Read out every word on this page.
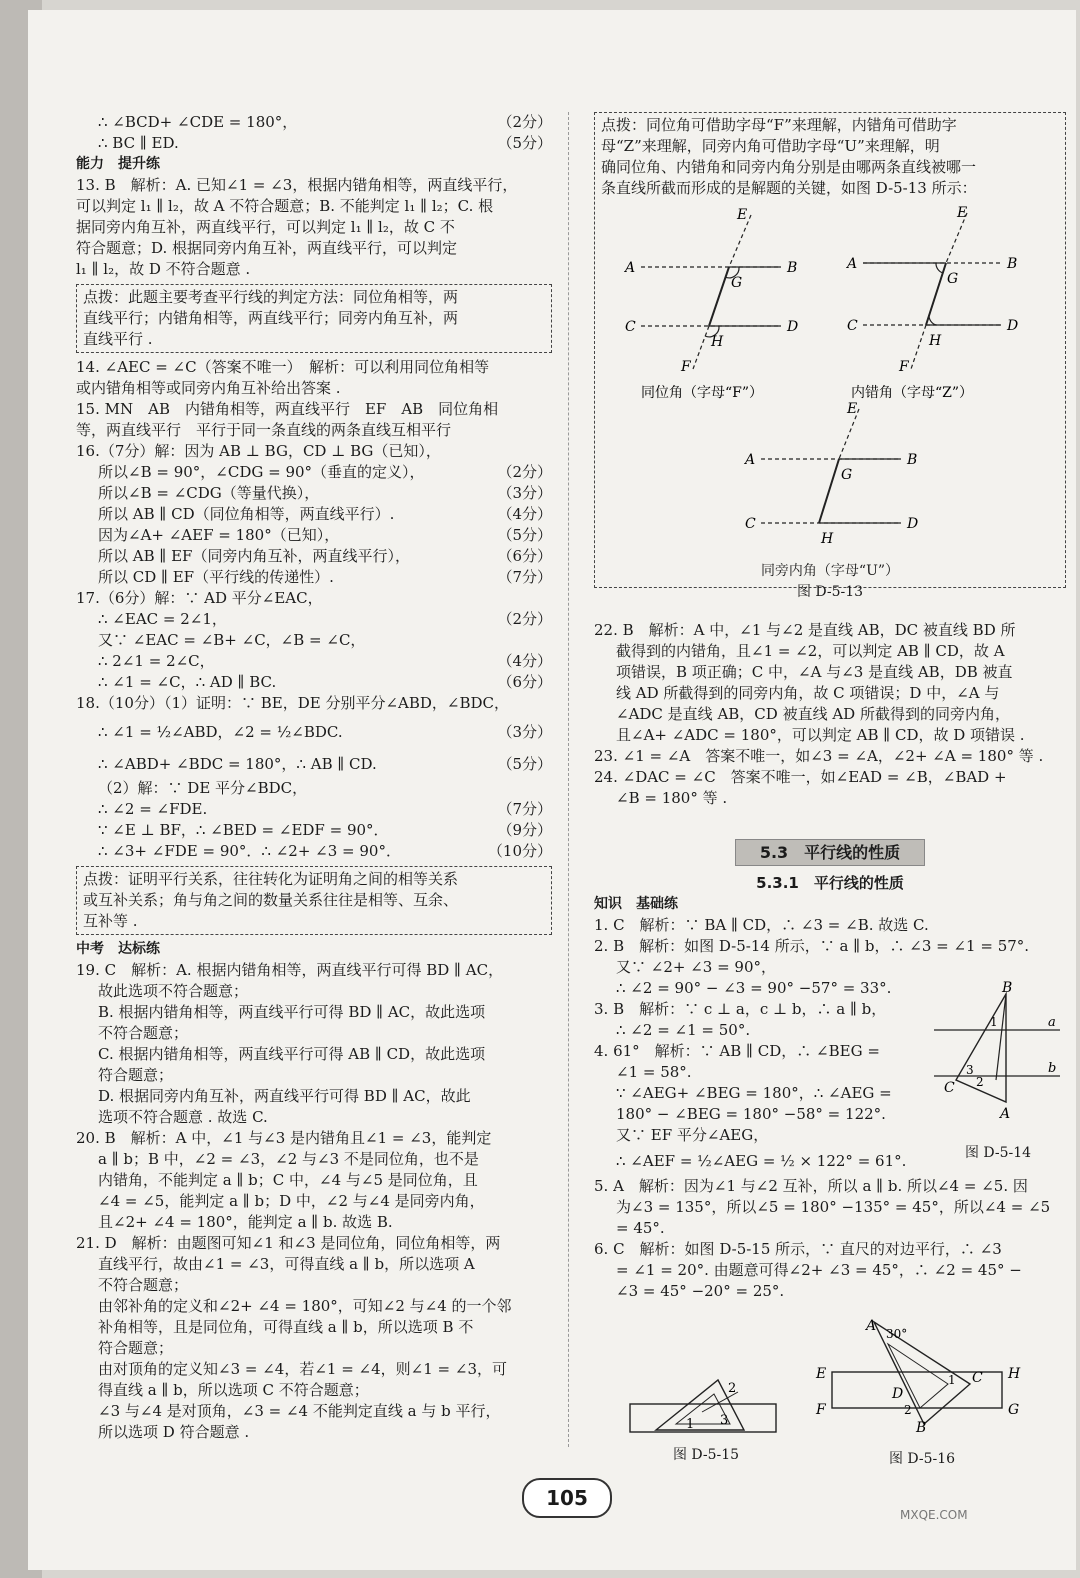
∴ ∠BCD+ ∠CDE = 180°，	（2分）
∴ BC ∥ ED.	（5分）
能力　提升练
13. B　解析：A. 已知∠1 = ∠3，根据内错角相等，两直线平行，
可以判定 l₁ ∥ l₂，故 A 不符合题意；B. 不能判定 l₁ ∥ l₂；C. 根
据同旁内角互补，两直线平行，可以判定 l₁ ∥ l₂，故 C 不
符合题意；D. 根据同旁内角互补，两直线平行，可以判定
l₁ ∥ l₂，故 D 不符合题意 .
点拨：此题主要考查平行线的判定方法：同位角相等，两
直线平行；内错角相等，两直线平行；同旁内角互补，两
直线平行 .
14. ∠AEC = ∠C（答案不唯一）　解析：可以利用同位角相等
或内错角相等或同旁内角互补给出答案 .
15. MN　AB　内错角相等，两直线平行　EF　AB　同位角相
等，两直线平行　平行于同一条直线的两条直线互相平行
16.（7分）解：因为 AB ⊥ BG，CD ⊥ BG（已知），
所以∠B = 90°，∠CDG = 90°（垂直的定义），	（2分）
所以∠B = ∠CDG（等量代换），	（3分）
所以 AB ∥ CD（同位角相等，两直线平行）.	（4分）
因为∠A+ ∠AEF = 180°（已知），	（5分）
所以 AB ∥ EF（同旁内角互补，两直线平行），	（6分）
所以 CD ∥ EF（平行线的传递性）.	（7分）
17.（6分）解：∵ AD 平分∠EAC，
∴ ∠EAC = 2∠1，	（2分）
又∵ ∠EAC = ∠B+ ∠C，∠B = ∠C，
∴ 2∠1 = 2∠C，	（4分）
∴ ∠1 = ∠C，∴ AD ∥ BC.	（6分）
18.（10分）（1）证明：∵ BE，DE 分别平分∠ABD，∠BDC，
∴ ∠1 = ½∠ABD，∠2 = ½∠BDC.	（3分）
∴ ∠ABD+ ∠BDC = 180°，∴ AB ∥ CD.	（5分）
（2）解：∵ DE 平分∠BDC，
∴ ∠2 = ∠FDE.	（7分）
∵ ∠E ⊥ BF，∴ ∠BED = ∠EDF = 90°．	（9分）
∴ ∠3+ ∠FDE = 90°．∴ ∠2+ ∠3 = 90°．	（10分）
点拨：证明平行关系，往往转化为证明角之间的相等关系
或互补关系；角与角之间的数量关系往往是相等、互余、
互补等 .
中考　达标练
19. C　解析：A. 根据内错角相等，两直线平行可得 BD ∥ AC，
故此选项不符合题意；
B. 根据内错角相等，两直线平行可得 BD ∥ AC，故此选项
不符合题意；
C. 根据内错角相等，两直线平行可得 AB ∥ CD，故此选项
符合题意；
D. 根据同旁内角互补，两直线平行可得 BD ∥ AC，故此
选项不符合题意 . 故选 C.
20. B　解析：A 中，∠1 与∠3 是内错角且∠1 = ∠3，能判定
a ∥ b；B 中，∠2 = ∠3，∠2 与∠3 不是同位角，也不是
内错角，不能判定 a ∥ b；C 中，∠4 与∠5 是同位角，且
∠4 = ∠5，能判定 a ∥ b；D 中，∠2 与∠4 是同旁内角，
且∠2+ ∠4 = 180°，能判定 a ∥ b. 故选 B.
21. D　解析：由题图可知∠1 和∠3 是同位角，同位角相等，两
直线平行，故由∠1 = ∠3，可得直线 a ∥ b，所以选项 A
不符合题意；
由邻补角的定义和∠2+ ∠4 = 180°，可知∠2 与∠4 的一个邻
补角相等，且是同位角，可得直线 a ∥ b，所以选项 B 不
符合题意；
由对顶角的定义知∠3 = ∠4，若∠1 = ∠4，则∠1 = ∠3，可
得直线 a ∥ b，所以选项 C 不符合题意；
∠3 与∠4 是对顶角，∠3 = ∠4 不能判定直线 a 与 b 平行，
所以选项 D 符合题意 .
点拨：同位角可借助字母“F”来理解，内错角可借助字
母“Z”来理解，同旁内角可借助字母“U”来理解，明
确同位角、内错角和同旁内角分别是由哪两条直线被哪一
条直线所截而形成的是解题的关键，如图 D-5-13 所示：
E
A	B
G
C	D
H
F
同位角（字母“F”）
E
A	B
G
C	D
H
F
内错角（字母“Z”）
E
A	B
G
C	D
H
同旁内角（字母“U”）
图 D-5-13
22. B　解析：A 中，∠1 与∠2 是直线 AB，DC 被直线 BD 所
截得到的内错角，且∠1 = ∠2，可以判定 AB ∥ CD，故 A
项错误，B 项正确；C 中，∠A 与∠3 是直线 AB，DB 被直
线 AD 所截得到的同旁内角，故 C 项错误；D 中，∠A 与
∠ADC 是直线 AB，CD 被直线 AD 所截得到的同旁内角，
且∠A+ ∠ADC = 180°，可以判定 AB ∥ CD，故 D 项错误 .
23. ∠1 = ∠A　答案不唯一，如∠3 = ∠A，∠2+ ∠A = 180° 等 .
24. ∠DAC = ∠C　答案不唯一，如∠EAD = ∠B，∠BAD +
∠B = 180° 等 .
5.3　平行线的性质
5.3.1　平行线的性质
知识　基础练
1. C　解析：∵ BA ∥ CD，∴ ∠3 = ∠B. 故选 C.
2. B　解析：如图 D-5-14 所示，∵ a ∥ b，∴ ∠3 = ∠1 = 57°.
又∵ ∠2+ ∠3 = 90°，
∴ ∠2 = 90° − ∠3 = 90° −57° = 33°.
3. B　解析：∵ c ⊥ a，c ⊥ b，∴ a ∥ b，
∴ ∠2 = ∠1 = 50°.
4. 61°　解析：∵ AB ∥ CD，∴ ∠BEG =
∠1 = 58°.
∵ ∠AEG+ ∠BEG = 180°，∴ ∠AEG =
180° − ∠BEG = 180° −58° = 122°.
又∵ EF 平分∠AEG，
∴ ∠AEF = ½∠AEG = ½ × 122° = 61°.
5. A　解析：因为∠1 与∠2 互补，所以 a ∥ b. 所以∠4 = ∠5. 因
为∠3 = 135°，所以∠5 = 180° −135° = 45°，所以∠4 = ∠5
= 45°.
6. C　解析：如图 D-5-15 所示，∵ 直尺的对边平行，∴ ∠3
= ∠1 = 20°. 由题意可得∠2+ ∠3 = 45°，∴ ∠2 = 45° −
∠3 = 45° −20° = 25°.
B
a
b
C
A
1
3
2
图 D-5-14
2
3
1
图 D-5-15
A 30°
C
E	H
D
F	G
2
B
1
图 D-5-16
105
MXQE.COM
